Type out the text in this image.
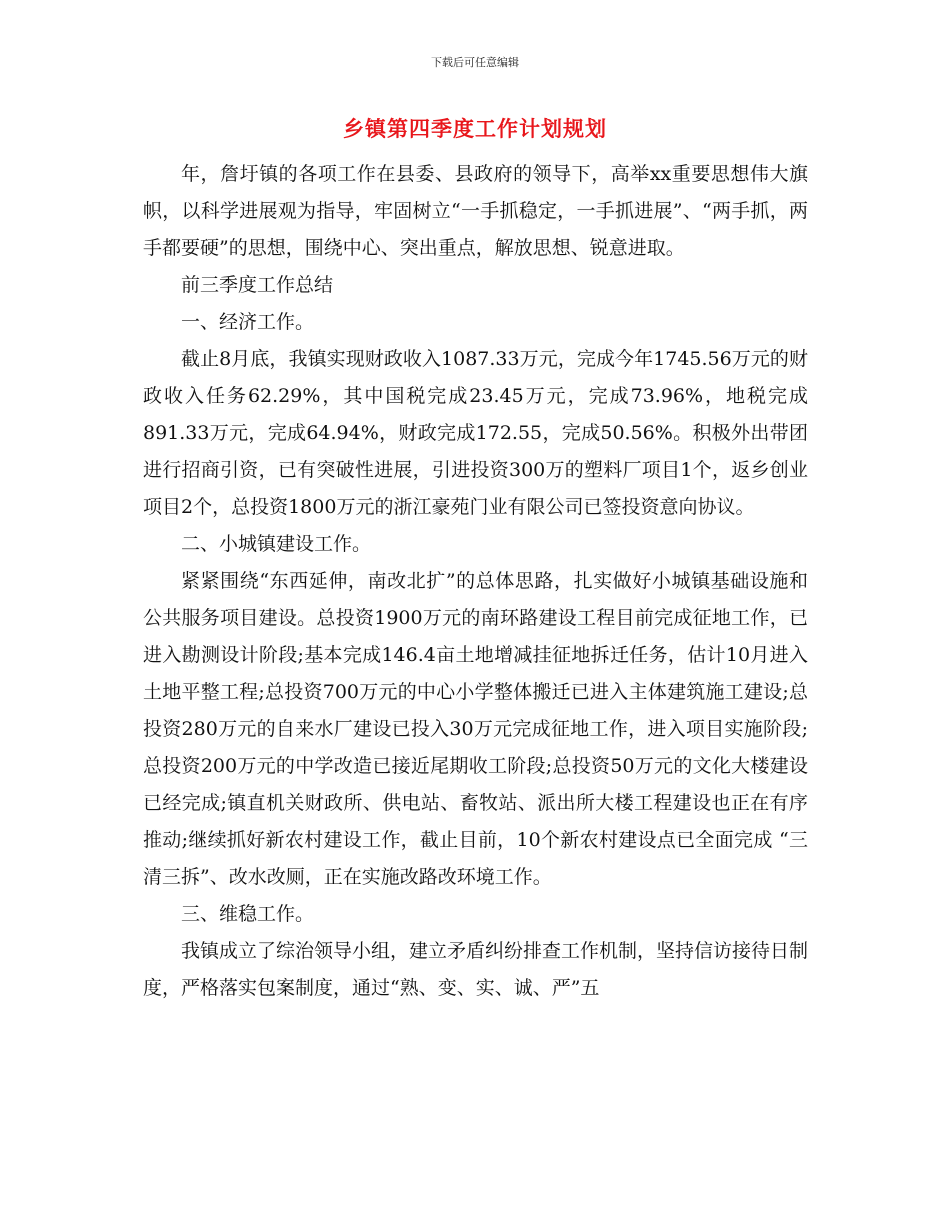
下载后可任意编辑
乡镇第四季度工作计划规划

年，詹圩镇的各项工作在县委、县政府的领导下，高举xx重要思想伟大旗帜，以科学进展观为指导，牢固树立“一手抓稳定，一手抓进展”、“两手抓，两手都要硬”的思想，围绕中心、突出重点，解放思想、锐意进取。

前三季度工作总结

一、经济工作。

截止8月底，我镇实现财政收入1087.33万元，完成今年1745.56万元的财政收入任务62.29%，其中国税完成23.45万元，完成73.96%，地税完成891.33万元，完成64.94%，财政完成172.55，完成50.56%。积极外出带团进行招商引资，已有突破性进展，引进投资300万的塑料厂项目1个，返乡创业项目2个，总投资1800万元的浙江豪苑门业有限公司已签投资意向协议。

二、小城镇建设工作。

紧紧围绕“东西延伸，南改北扩”的总体思路，扎实做好小城镇基础设施和公共服务项目建设。总投资1900万元的南环路建设工程目前完成征地工作，已进入勘测设计阶段;基本完成146.4亩土地增减挂征地拆迁任务，估计10月进入土地平整工程;总投资700万元的中心小学整体搬迁已进入主体建筑施工建设;总投资280万元的自来水厂建设已投入30万元完成征地工作，进入项目实施阶段;总投资200万元的中学改造已接近尾期收工阶段;总投资50万元的文化大楼建设已经完成;镇直机关财政所、供电站、畜牧站、派出所大楼工程建设也正在有序推动;继续抓好新农村建设工作，截止目前，10个新农村建设点已全面完成 “三清三拆”、改水改厕，正在实施改路改环境工作。

三、维稳工作。

我镇成立了综治领导小组，建立矛盾纠纷排查工作机制，坚持信访接待日制度，严格落实包案制度，通过“熟、变、实、诚、严”五
